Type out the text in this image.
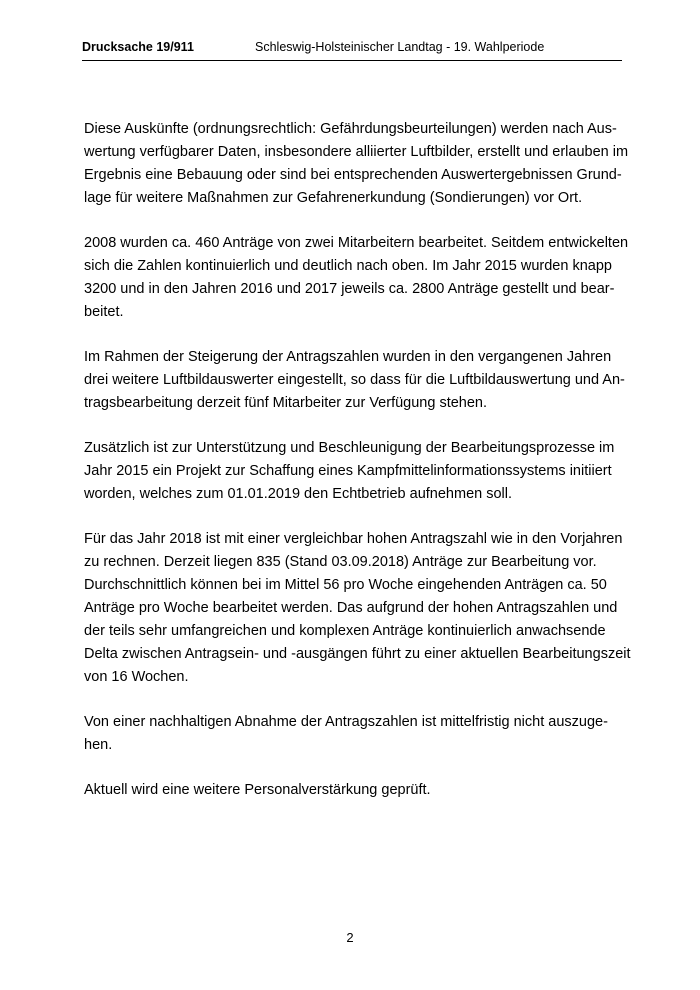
Drucksache 19/911	Schleswig-Holsteinischer Landtag - 19. Wahlperiode

Diese Auskünfte (ordnungsrechtlich: Gefährdungsbeurteilungen) werden nach Aus-
wertung verfügbarer Daten, insbesondere alliierter Luftbilder, erstellt und erlauben im
Ergebnis eine Bebauung oder sind bei entsprechenden Auswertergebnissen Grund-
lage für weitere Maßnahmen zur Gefahrenerkundung (Sondierungen) vor Ort.

2008 wurden ca. 460 Anträge von zwei Mitarbeitern bearbeitet. Seitdem entwickelten
sich die Zahlen kontinuierlich und deutlich nach oben. Im Jahr 2015 wurden knapp
3200 und in den Jahren 2016 und 2017 jeweils ca. 2800 Anträge gestellt und bear-
beitet.

Im Rahmen der Steigerung der Antragszahlen wurden in den vergangenen Jahren
drei weitere Luftbildauswerter eingestellt, so dass für die Luftbildauswertung und An-
tragsbearbeitung derzeit fünf Mitarbeiter zur Verfügung stehen.

Zusätzlich ist zur Unterstützung und Beschleunigung der Bearbeitungsprozesse im
Jahr 2015 ein Projekt zur Schaffung eines Kampfmittelinformationssystems initiiert
worden, welches zum 01.01.2019 den Echtbetrieb aufnehmen soll.

Für das Jahr 2018 ist mit einer vergleichbar hohen Antragszahl wie in den Vorjahren
zu rechnen. Derzeit liegen 835 (Stand 03.09.2018) Anträge zur Bearbeitung vor.
Durchschnittlich können bei im Mittel 56 pro Woche eingehenden Anträgen ca. 50
Anträge pro Woche bearbeitet werden. Das aufgrund der hohen Antragszahlen und
der teils sehr umfangreichen und komplexen Anträge kontinuierlich anwachsende
Delta zwischen Antragsein- und -ausgängen führt zu einer aktuellen Bearbeitungszeit
von 16 Wochen.

Von einer nachhaltigen Abnahme der Antragszahlen ist mittelfristig nicht auszuge-
hen.

Aktuell wird eine weitere Personalverstärkung geprüft.

2
